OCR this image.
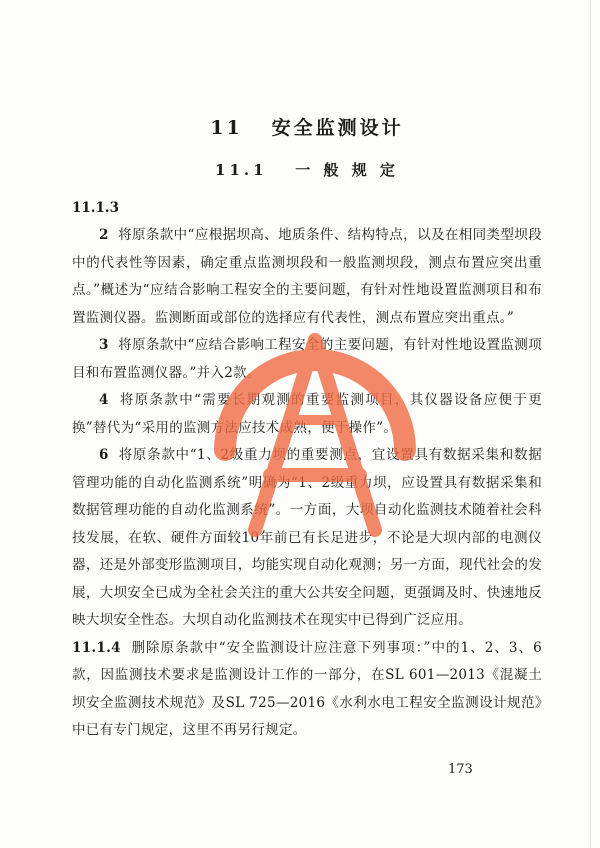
11 安全监测设计
11.1 一 般 规 定
11.1.3

2 将原条款中“应根据坝高、地质条件、结构特点，以及在相同类型坝段中的代表性等因素，确定重点监测坝段和一般监测坝段，测点布置应突出重点。”概述为“应结合影响工程安全的主要问题，有针对性地设置监测项目和布置监测仪器。监测断面或部位的选择应有代表性，测点布置应突出重点。”

3 将原条款中“应结合影响工程安全的主要问题，有针对性地设置监测项目和布置监测仪器。”并入2款。

4 将原条款中“需要长期观测的重要监测项目，其仪器设备应便于更换”替代为“采用的监测方法应技术成熟，便于操作”。

6 将原条款中“1、2级重力坝的重要测点，宜设置具有数据采集和数据管理功能的自动化监测系统”明确为“1、2级重力坝，应设置具有数据采集和数据管理功能的自动化监测系统”。一方面，大坝自动化监测技术随着社会科技发展，在软、硬件方面较10年前已有长足进步，不论是大坝内部的电测仪器，还是外部变形监测项目，均能实现自动化观测；另一方面，现代社会的发展，大坝安全已成为全社会关注的重大公共安全问题，更强调及时、快速地反映大坝安全性态。大坝自动化监测技术在现实中已得到广泛应用。

11.1.4 删除原条款中“安全监测设计应注意下列事项：”中的1、2、3、6款，因监测技术要求是监测设计工作的一部分，在SL 601—2013《混凝土坝安全监测技术规范》及SL 725—2016《水利水电工程安全监测设计规范》中已有专门规定，这里不再另行规定。

173
